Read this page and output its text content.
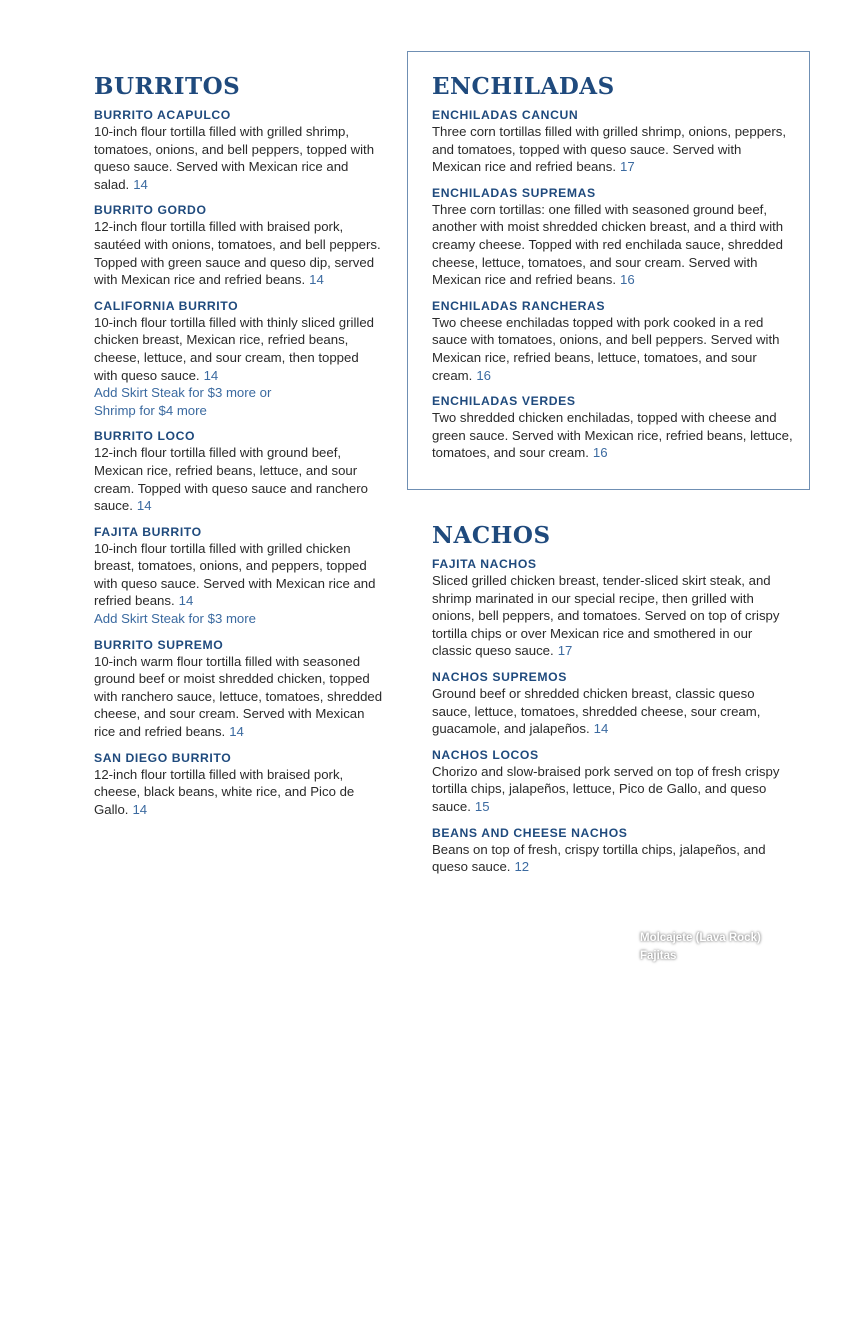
BURRITOS
BURRITO ACAPULCO
10-inch flour tortilla filled with grilled shrimp, tomatoes, onions, and bell peppers, topped with queso sauce. Served with Mexican rice and salad. 14
BURRITO GORDO
12-inch flour tortilla filled with braised pork, sautéed with onions, tomatoes, and bell peppers. Topped with green sauce and queso dip, served with Mexican rice and refried beans. 14
CALIFORNIA BURRITO
10-inch flour tortilla filled with thinly sliced grilled chicken breast, Mexican rice, refried beans, cheese, lettuce, and sour cream, then topped with queso sauce. 14
Add Skirt Steak for $3 more or
Shrimp for $4 more
BURRITO LOCO
12-inch flour tortilla filled with ground beef, Mexican rice, refried beans, lettuce, and sour cream. Topped with queso sauce and ranchero sauce. 14
FAJITA BURRITO
10-inch flour tortilla filled with grilled chicken breast, tomatoes, onions, and peppers, topped with queso sauce. Served with Mexican rice and refried beans. 14
Add Skirt Steak for $3 more
BURRITO SUPREMO
10-inch warm flour tortilla filled with seasoned ground beef or moist shredded chicken, topped with ranchero sauce, lettuce, tomatoes, shredded cheese, and sour cream. Served with Mexican rice and refried beans. 14
SAN DIEGO BURRITO
12-inch flour tortilla filled with braised pork, cheese, black beans, white rice, and Pico de Gallo. 14
ENCHILADAS
ENCHILADAS CANCUN
Three corn tortillas filled with grilled shrimp, onions, peppers, and tomatoes, topped with queso sauce. Served with Mexican rice and refried beans. 17
ENCHILADAS SUPREMAS
Three corn tortillas: one filled with seasoned ground beef, another with moist shredded chicken breast, and a third with creamy cheese. Topped with red enchilada sauce, shredded cheese, lettuce, tomatoes, and sour cream. Served with Mexican rice and refried beans. 16
ENCHILADAS RANCHERAS
Two cheese enchiladas topped with pork cooked in a red sauce with tomatoes, onions, and bell peppers. Served with Mexican rice, refried beans, lettuce, tomatoes, and sour cream. 16
ENCHILADAS VERDES
Two shredded chicken enchiladas, topped with cheese and green sauce. Served with Mexican rice, refried beans, lettuce, tomatoes, and sour cream. 16
NACHOS
FAJITA NACHOS
Sliced grilled chicken breast, tender-sliced skirt steak, and shrimp marinated in our special recipe, then grilled with onions, bell peppers, and tomatoes. Served on top of crispy tortilla chips or over Mexican rice and smothered in our classic queso sauce. 17
NACHOS SUPREMOS
Ground beef or shredded chicken breast, classic queso sauce, lettuce, tomatoes, shredded cheese, sour cream, guacamole, and jalapeños. 14
NACHOS LOCOS
Chorizo and slow-braised pork served on top of fresh crispy tortilla chips, jalapeños, lettuce, Pico de Gallo, and queso sauce. 15
BEANS AND CHEESE NACHOS
Beans on top of fresh, crispy tortilla chips, jalapeños, and queso sauce. 12
Molcajete (Lava Rock)
Fajitas
